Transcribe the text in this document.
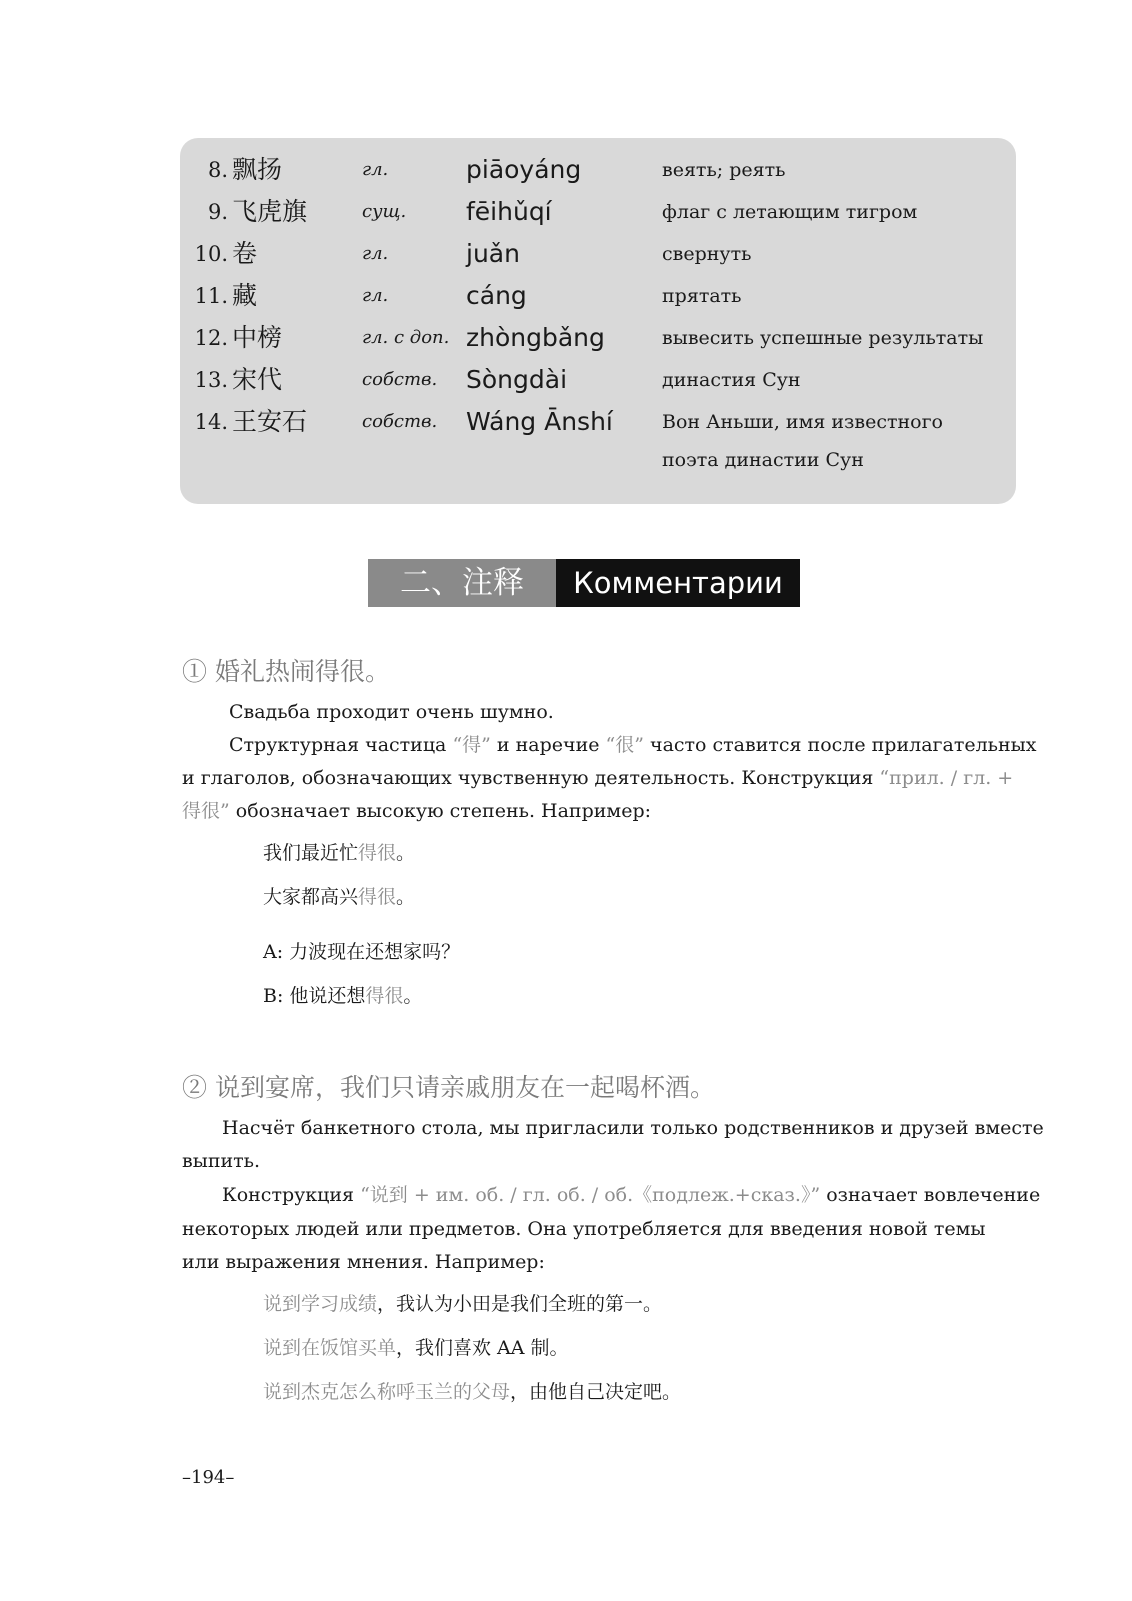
8. 飘扬	гл.	piāoyáng	веять; реять
9. 飞虎旗	сущ. fēihǔqí	флаг с летающим тигром
10. 卷	гл.	juǎn	свернуть
11. 藏	гл.	cáng	прятать
12. 中榜	гл. с доп. zhòngbǎng	вывесить успешные результаты
13. 宋代	собств. Sòngdài	династия Сун
14. 王安石	собств. Wáng Ānshí	Вон Аньши, имя известного
поэта династии Сун
二、注释	Комментарии
① 婚礼热闹得很。
Свадьба проходит очень шумно.
Структурная частица “得” и наречие “很” часто ставится после прилагательных
и глаголов, обозначающих чувственную деятельность. Конструкция “прил. / гл. +
得很” обозначает высокую степень. Например:
我们最近忙得很。
大家都高兴得很。
A: 力波现在还想家吗？
B: 他说还想得很。
② 说到宴席，我们只请亲戚朋友在一起喝杯酒。
Насчёт банкетного стола, мы пригласили только родственников и друзей вместе
выпить.
Конструкция “说到 + им. об. / гл. об. / об.《подлеж.+сказ.》” означает вовлечение
некоторых людей или предметов. Она употребляется для введения новой темы
или выражения мнения. Например:
说到学习成绩，我认为小田是我们全班的第一。
说到在饭馆买单，我们喜欢 AA 制。
说到杰克怎么称呼玉兰的父母，由他自己决定吧。
–194–
